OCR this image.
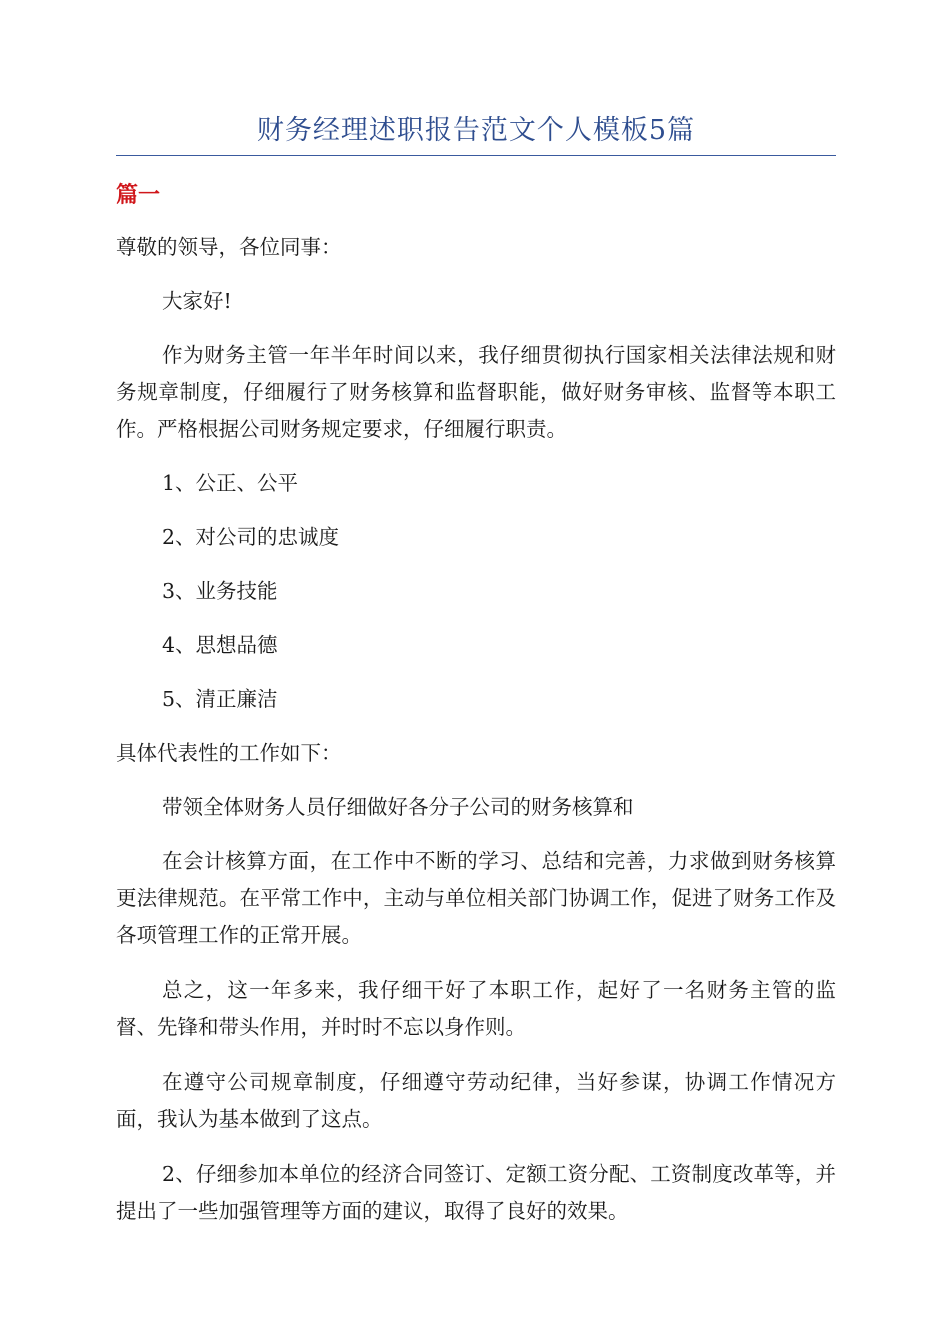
财务经理述职报告范文个人模板5篇
篇一

尊敬的领导，各位同事：

大家好!

作为财务主管一年半年时间以来，我仔细贯彻执行国家相关法律法规和财务规章制度，仔细履行了财务核算和监督职能，做好财务审核、监督等本职工作。严格根据公司财务规定要求，仔细履行职责。

1、公正、公平

2、对公司的忠诚度

3、业务技能

4、思想品德

5、清正廉洁

具体代表性的工作如下：

带领全体财务人员仔细做好各分子公司的财务核算和

在会计核算方面，在工作中不断的学习、总结和完善，力求做到财务核算更法律规范。在平常工作中，主动与单位相关部门协调工作，促进了财务工作及各项管理工作的正常开展。

总之，这一年多来，我仔细干好了本职工作，起好了一名财务主管的监督、先锋和带头作用，并时时不忘以身作则。

在遵守公司规章制度，仔细遵守劳动纪律，当好参谋，协调工作情况方面，我认为基本做到了这点。

2、仔细参加本单位的经济合同签订、定额工资分配、工资制度改革等，并提出了一些加强管理等方面的建议，取得了良好的效果。
